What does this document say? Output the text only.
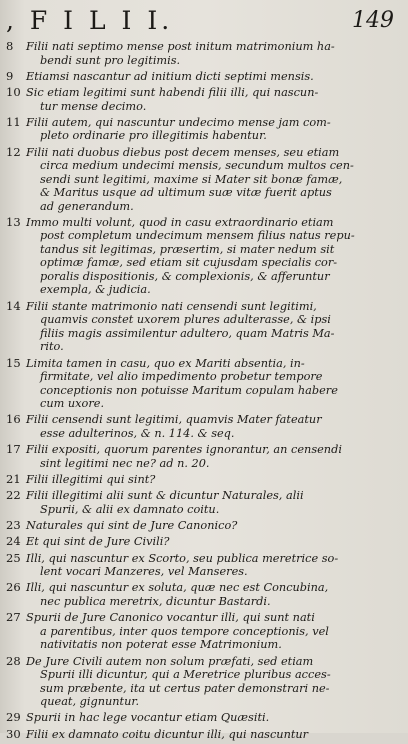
, F I L I I.	149
8	Filii nati septimo mense post initum matrimonium ha-
bendi sunt pro legitimis.
9	Etiamsi nascantur ad initium dicti septimi mensis.
10 Sic etiam legitimi sunt habendi filii illi, qui nascun-
tur mense decimo.
11 Filii autem, qui nascuntur undecimo mense jam com-
pleto ordinarie pro illegitimis habentur.
12 Filii nati duobus diebus post decem menses, seu etiam
circa medium undecimi mensis, secundum multos cen-
sendi sunt legitimi, maxime si Mater sit bonæ famæ,
& Maritus usque ad ultimum suæ vitæ fuerit aptus
ad generandum.
13 Immo multi volunt, quod in casu extraordinario etiam
post completum undecimum mensem filius natus repu-
tandus sit legitimas, præsertim, si mater nedum sit
optimæ famæ, sed etiam sit cujusdam specialis cor-
poralis dispositionis, & complexionis, & afferuntur
exempla, & judicia.
14 Filii stante matrimonio nati censendi sunt legitimi,
quamvis constet uxorem plures adulterasse, & ipsi
filiis magis assimilentur adultero, quam Matris Ma-
rito.
15 Limita tamen in casu, quo ex Mariti absentia, in-
firmitate, vel alio impedimento probetur tempore
conceptionis non potuisse Maritum copulam habere
cum uxore.
16 Filii censendi sunt legitimi, quamvis Mater fateatur
esse adulterinos, & n. 114. & seq.
17 Filii expositi, quorum parentes ignorantur, an censendi
sint legitimi nec ne? ad n. 20.
21 Filii illegitimi qui sint?
22 Filii illegitimi alii sunt & dicuntur Naturales, alii
Spurii, & alii ex damnato coitu.
23 Naturales qui sint de Jure Canonico?
24 Et qui sint de Jure Civili?
25 Illi, qui nascuntur ex Scorto, seu publica meretrice so-
lent vocari Manzeres, vel Manseres.
26 Illi, qui nascuntur ex soluta, quæ nec est Concubina,
nec publica meretrix, dicuntur Bastardi.
27 Spurii de Jure Canonico vocantur illi, qui sunt nati
a parentibus, inter quos tempore conceptionis, vel
nativitatis non poterat esse Matrimonium.
28 De Jure Civili autem non solum præfati, sed etiam
Spurii illi dicuntur, qui a Meretrice pluribus acces-
sum præbente, ita ut certus pater demonstrari ne-
queat, gignuntur.
29 Spurii in hac lege vocantur etiam Quæsiti.
30 Filii ex damnato coitu dicuntur illi, qui nascuntur
